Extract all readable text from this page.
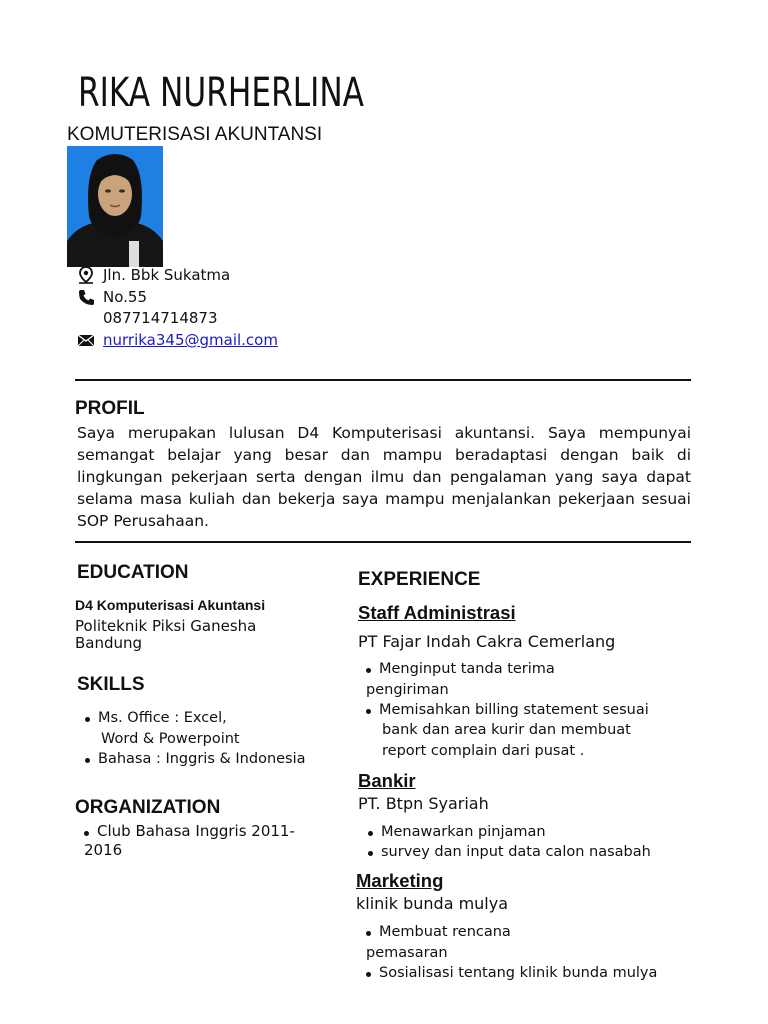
RIKA NURHERLINA
KOMUTERISASI AKUNTANSI
Jln. Bbk Sukatma
No.55
087714714873
nurrika345@gmail.com
PROFIL
Saya merupakan lulusan D4 Komputerisasi akuntansi. Saya mempunyai semangat belajar yang besar dan mampu beradaptasi dengan baik di lingkungan pekerjaan serta dengan ilmu dan pengalaman yang saya dapat selama masa kuliah dan bekerja saya mampu menjalankan pekerjaan sesuai SOP Perusahaan.
EDUCATION
D4 Komputerisasi Akuntansi
Politeknik Piksi Ganesha
Bandung
SKILLS
Ms. Office : Excel,
Word & Powerpoint
Bahasa : Inggris & Indonesia
ORGANIZATION
Club Bahasa Inggris 2011-
2016
EXPERIENCE
Staff Administrasi
PT Fajar Indah Cakra Cemerlang
Menginput tanda terima
pengiriman
Memisahkan billing statement sesuai
bank dan area kurir dan membuat
report complain dari pusat .
Bankir
PT. Btpn Syariah
Menawarkan pinjaman
survey dan input data calon nasabah
Marketing
klinik bunda mulya
Membuat rencana
pemasaran
Sosialisasi tentang klinik bunda mulya
